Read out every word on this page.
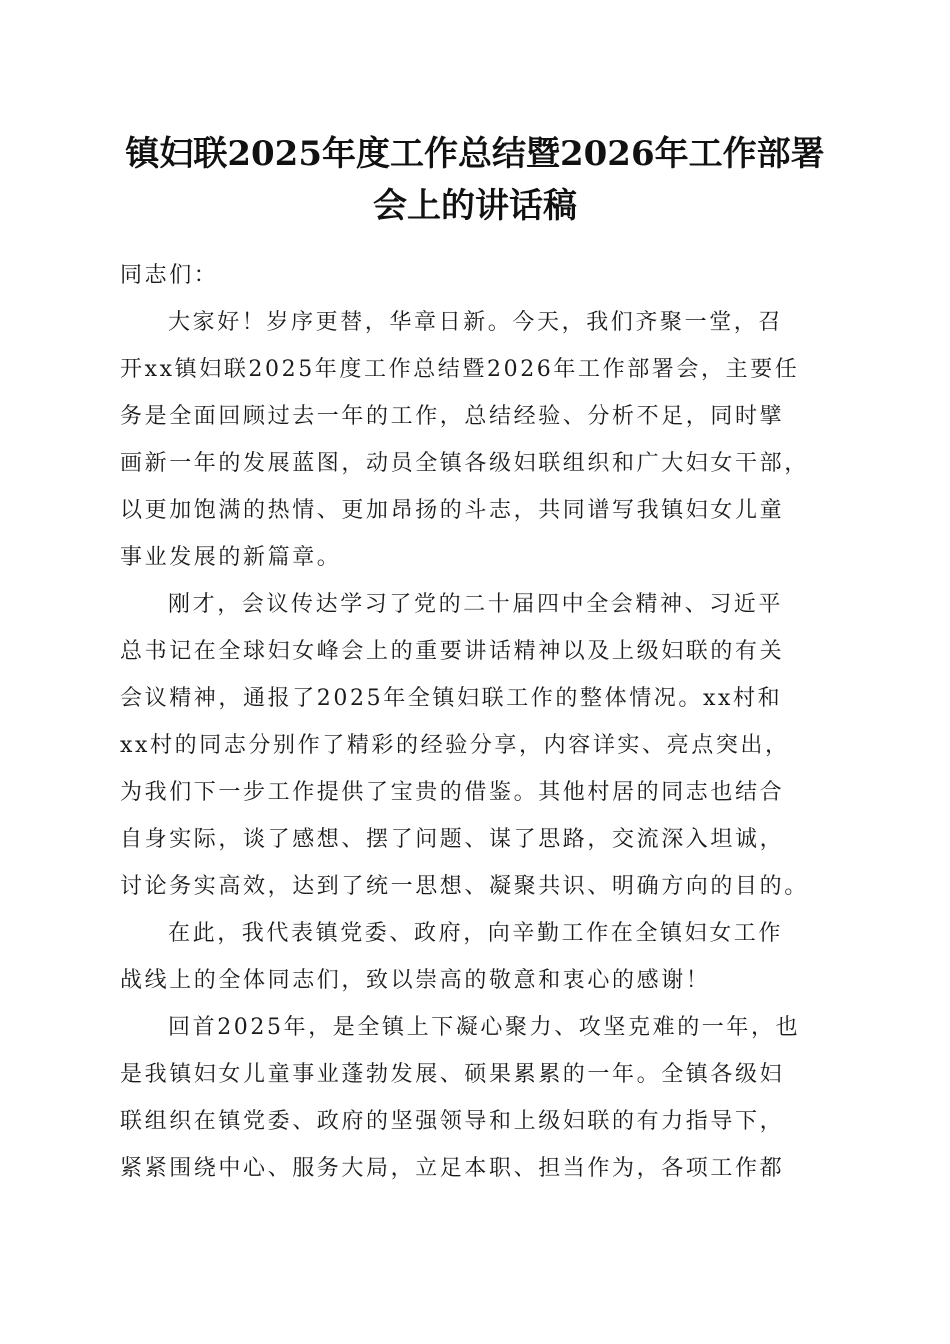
镇妇联2025年度工作总结暨2026年工作部署
会上的讲话稿
同志们：
大家好！岁序更替，华章日新。今天，我们齐聚一堂，召
开xx镇妇联2025年度工作总结暨2026年工作部署会，主要任
务是全面回顾过去一年的工作，总结经验、分析不足，同时擘
画新一年的发展蓝图，动员全镇各级妇联组织和广大妇女干部，
以更加饱满的热情、更加昂扬的斗志，共同谱写我镇妇女儿童
事业发展的新篇章。
刚才，会议传达学习了党的二十届四中全会精神、习近平
总书记在全球妇女峰会上的重要讲话精神以及上级妇联的有关
会议精神，通报了2025年全镇妇联工作的整体情况。xx村和
xx村的同志分别作了精彩的经验分享，内容详实、亮点突出，
为我们下一步工作提供了宝贵的借鉴。其他村居的同志也结合
自身实际，谈了感想、摆了问题、谋了思路，交流深入坦诚，
讨论务实高效，达到了统一思想、凝聚共识、明确方向的目的。
在此，我代表镇党委、政府，向辛勤工作在全镇妇女工作
战线上的全体同志们，致以崇高的敬意和衷心的感谢！
回首2025年，是全镇上下凝心聚力、攻坚克难的一年，也
是我镇妇女儿童事业蓬勃发展、硕果累累的一年。全镇各级妇
联组织在镇党委、政府的坚强领导和上级妇联的有力指导下，
紧紧围绕中心、服务大局，立足本职、担当作为，各项工作都
